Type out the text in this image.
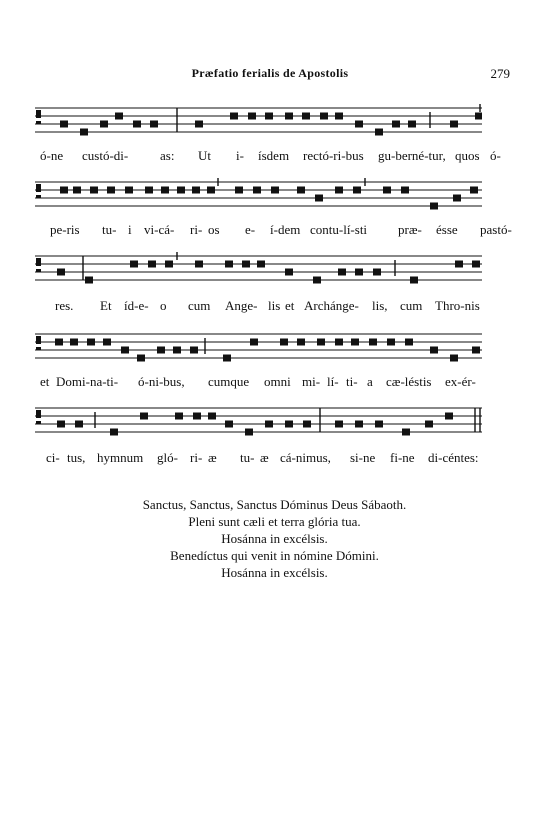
Præfatio ferialis de Apostolis	279
ó-ne custó-di- as: Ut i- ísdem rectó-ri-bus gu-berné-tur, quos ó-
pe-ris tu- i vi-cá- ri- os e- í-dem contu-lí-sti præ- ésse pastó-
res. Et íd-e- o cum Ange- lis et Archánge- lis, cum Thro-nis
et Domi-na-ti- ó-ni-bus, cumque omni mi- lí- ti- a cæ-léstis ex-ér-
ci- tus, hymnum gló- ri- æ tu- æ cá-nimus, si-ne fi-ne di-céntes:
Sanctus, Sanctus, Sanctus Dóminus Deus Sábaoth.
Pleni sunt cæli et terra glória tua.
Hosánna in excélsis.
Benedíctus qui venit in nómine Dómini.
Hosánna in excélsis.
